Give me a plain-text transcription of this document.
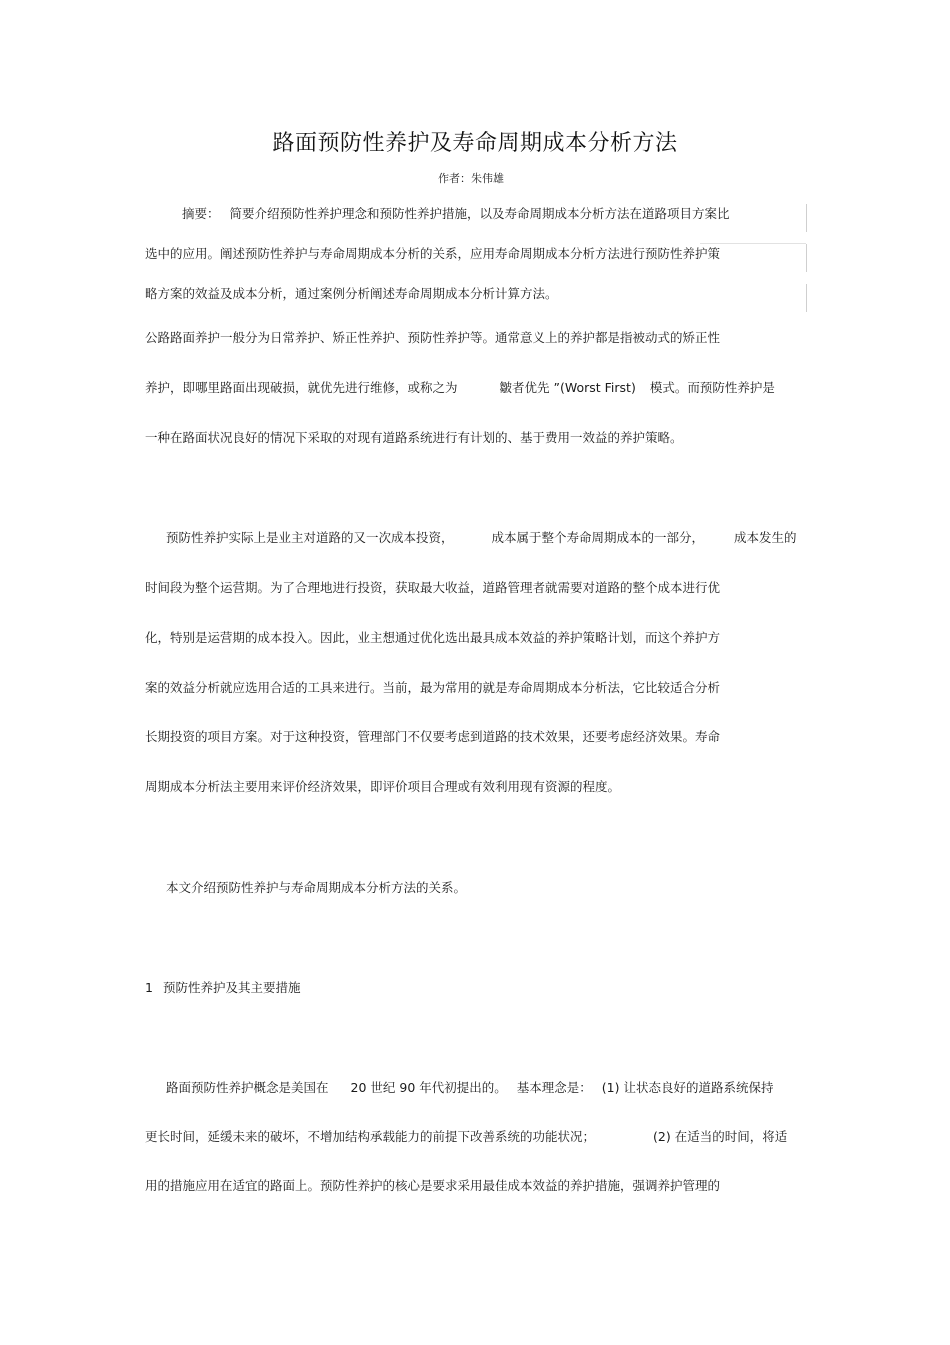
路面预防性养护及寿命周期成本分析方法
作者：朱伟雄
摘要： 简要介绍预防性养护理念和预防性养护措施，以及寿命周期成本分析方法在道路项目方案比
选中的应用。阐述预防性养护与寿命周期成本分析的关系，应用寿命周期成本分析方法进行预防性养护策
略方案的效益及成本分析，通过案例分析阐述寿命周期成本分析计算方法。
公路路面养护一般分为日常养护、矫正性养护、预防性养护等。通常意义上的养护都是指被动式的矫正性
养护，即哪里路面出现破损，就优先进行维修，或称之为	皺者优先 ”(Worst First) 模式。而预防性养护是
一种在路面状况良好的情况下采取的对现有道路系统进行有计划的、基于费用一效益的养护策略。
预防性养护实际上是业主对道路的又一次成本投资，	成本属于整个寿命周期成本的一部分， 成本发生的
时间段为整个运营期。为了合理地进行投资，获取最大收益，道路管理者就需要对道路的整个成本进行优
化，特别是运营期的成本投入。因此，业主想通过优化选出最具成本效益的养护策略计划，而这个养护方
案的效益分析就应选用合适的工具来进行。当前，最为常用的就是寿命周期成本分析法，它比较适合分析
长期投资的项目方案。对于这种投资，管理部门不仅要考虑到道路的技术效果，还要考虑经济效果。寿命
周期成本分析法主要用来评价经济效果，即评价项目合理或有效利用现有资源的程度。
本文介绍预防性养护与寿命周期成本分析方法的关系。
1 预防性养护及其主要措施
路面预防性养护概念是美国在 20 世纪 90 年代初提出的。 基本理念是： (1) 让状态良好的道路系统保持
更长时间，延缓未来的破坏，不增加结构承载能力的前提下改善系统的功能状况；	(2) 在适当的时间，将适
用的措施应用在适宜的路面上。预防性养护的核心是要求采用最佳成本效益的养护措施，强调养护管理的
